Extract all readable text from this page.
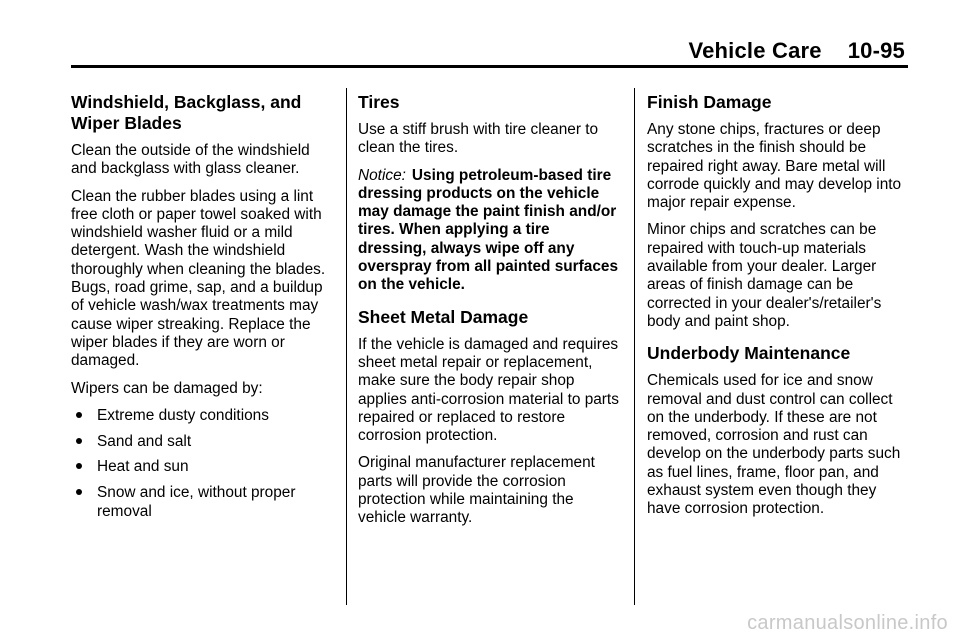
Vehicle Care 10-95
Windshield, Backglass, and Wiper Blades

Clean the outside of the windshield and backglass with glass cleaner.

Clean the rubber blades using a lint free cloth or paper towel soaked with windshield washer fluid or a mild detergent. Wash the windshield thoroughly when cleaning the blades. Bugs, road grime, sap, and a buildup of vehicle wash/wax treatments may cause wiper streaking. Replace the wiper blades if they are worn or damaged.

Wipers can be damaged by:

Extreme dusty conditions
Sand and salt
Heat and sun
Snow and ice, without proper removal
Tires

Use a stiff brush with tire cleaner to clean the tires.

Notice: Using petroleum-based tire dressing products on the vehicle may damage the paint finish and/or tires. When applying a tire dressing, always wipe off any overspray from all painted surfaces on the vehicle.

Sheet Metal Damage

If the vehicle is damaged and requires sheet metal repair or replacement, make sure the body repair shop applies anti-corrosion material to parts repaired or replaced to restore corrosion protection.

Original manufacturer replacement parts will provide the corrosion protection while maintaining the vehicle warranty.

Finish Damage

Any stone chips, fractures or deep scratches in the finish should be repaired right away. Bare metal will corrode quickly and may develop into major repair expense.

Minor chips and scratches can be repaired with touch-up materials available from your dealer. Larger areas of finish damage can be corrected in your dealer's/retailer's body and paint shop.

Underbody Maintenance

Chemicals used for ice and snow removal and dust control can collect on the underbody. If these are not removed, corrosion and rust can develop on the underbody parts such as fuel lines, frame, floor pan, and exhaust system even though they have corrosion protection.

carmanualsonline.info
